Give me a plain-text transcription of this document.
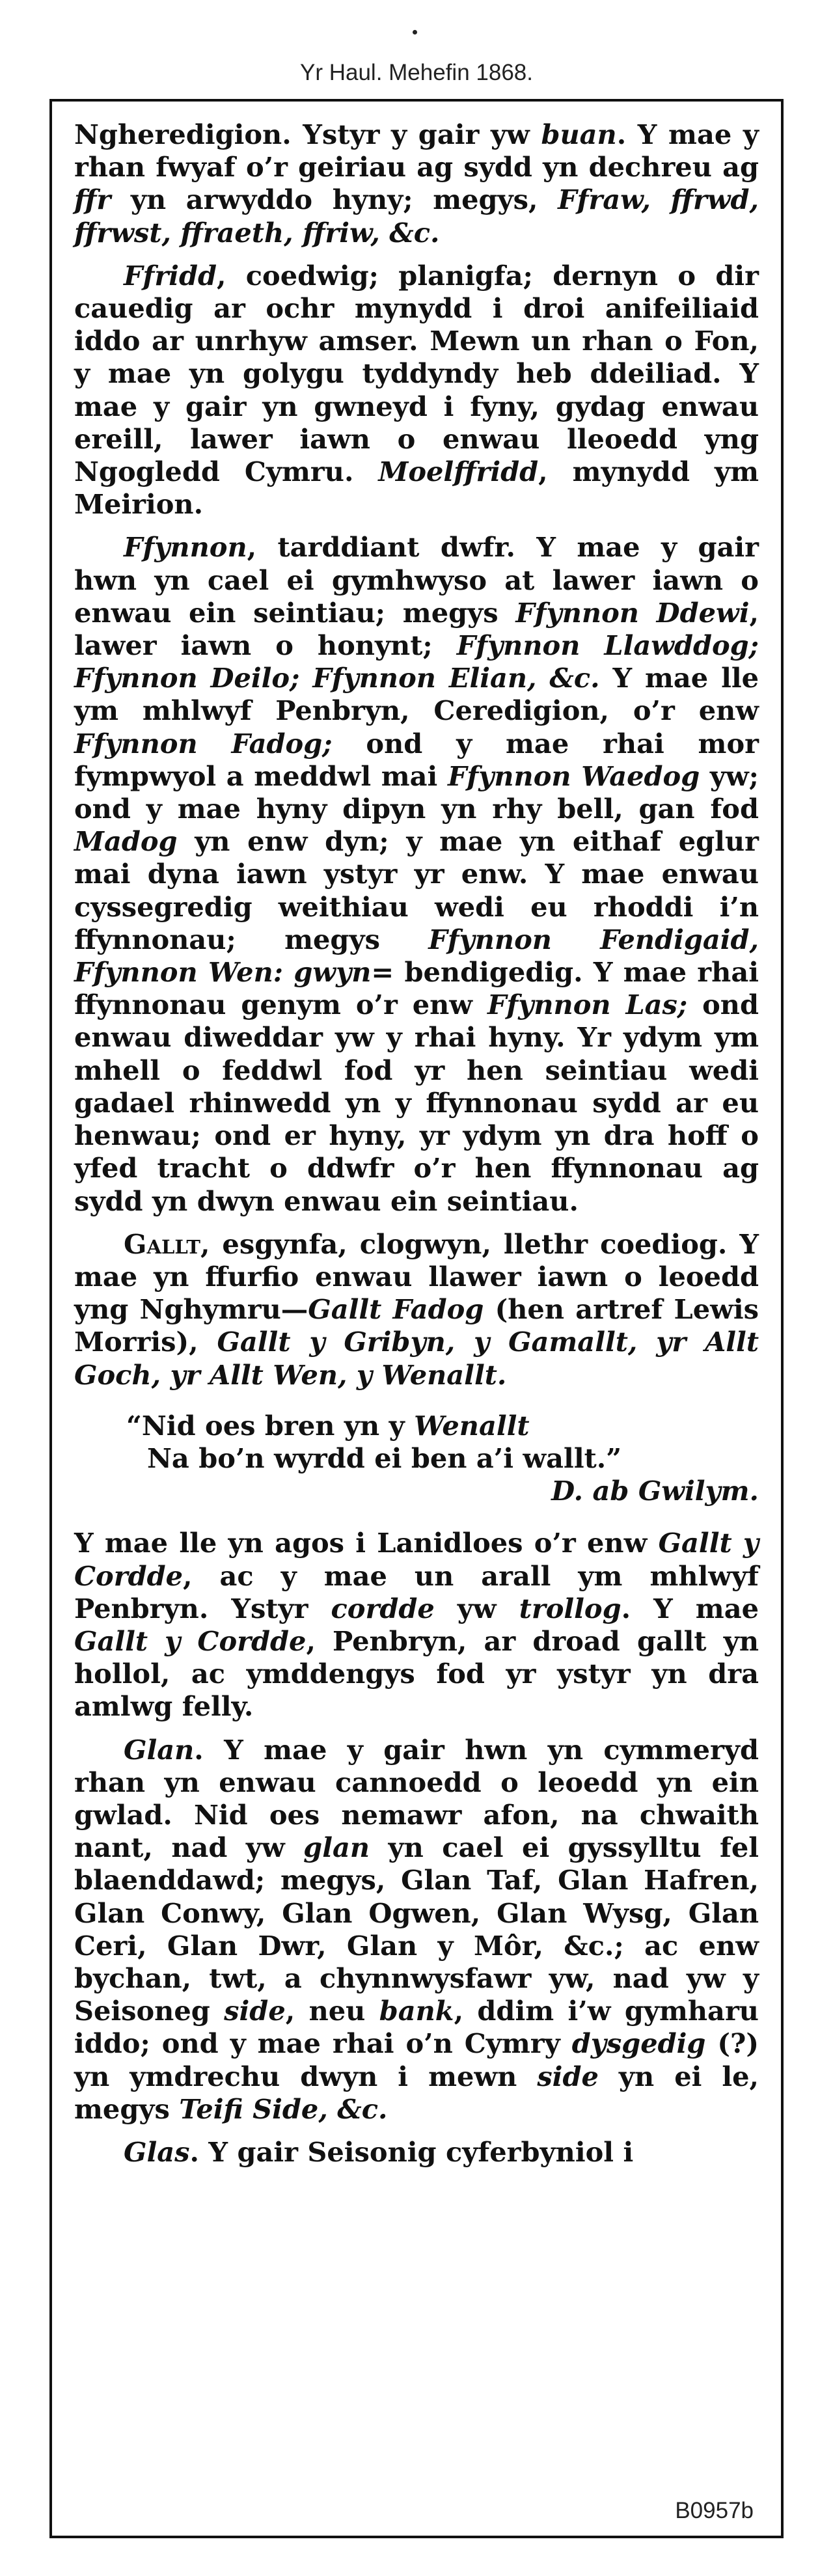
Yr Haul. Mehefin 1868.

Ngheredigion. Ystyr y gair yw buan. Y mae y rhan fwyaf o’r geiriau ag sydd yn dechreu ag ffr yn arwyddo hyny; megys, Ffraw, ffrwd, ffrwst, ffraeth, ffriw, &c.

Ffridd, coedwig; planigfa; dernyn o dir cauedig ar ochr mynydd i droi anifeiliaid iddo ar unrhyw amser. Mewn un rhan o Fon, y mae yn golygu tyddyndy heb ddeiliad. Y mae y gair yn gwneyd i fyny, gydag enwau ereill, lawer iawn o enwau lleoedd yng Ngogledd Cymru. Moelffridd, mynydd ym Meirion.

Ffynnon, tarddiant dwfr. Y mae y gair hwn yn cael ei gymhwyso at lawer iawn o enwau ein seintiau; megys Ffynnon Ddewi, lawer iawn o honynt; Ffynnon Llawddog; Ffynnon Deilo; Ffynnon Elian, &c. Y mae lle ym mhlwyf Penbryn, Ceredigion, o’r enw Ffynnon Fadog; ond y mae rhai mor fympwyol a meddwl mai Ffynnon Waedog yw; ond y mae hyny dipyn yn rhy bell, gan fod Madog yn enw dyn; y mae yn eithaf eglur mai dyna iawn ystyr yr enw. Y mae enwau cyssegredig weithiau wedi eu rhoddi i’n ffynnonau; megys Ffynnon Fendigaid, Ffynnon Wen: gwyn= bendigedig. Y mae rhai ffynnonau genym o’r enw Ffynnon Las; ond enwau diweddar yw y rhai hyny. Yr ydym ym mhell o feddwl fod yr hen seintiau wedi gadael rhinwedd yn y ffynnonau sydd ar eu henwau; ond er hyny, yr ydym yn dra hoff o yfed tracht o ddwfr o’r hen ffynnonau ag sydd yn dwyn enwau ein seintiau.

Gallt, esgynfa, clogwyn, llethr coediog. Y mae yn ffurfio enwau llawer iawn o leoedd yng Nghymru—Gallt Fadog (hen artref Lewis Morris), Gallt y Gribyn, y Gamallt, yr Allt Goch, yr Allt Wen, y Wenallt.

“Nid oes bren yn y Wenallt
Na bo’n wyrdd ei ben a’i wallt.”
D. ab Gwilym.

Y mae lle yn agos i Lanidloes o’r enw Gallt y Cordde, ac y mae un arall ym mhlwyf Penbryn. Ystyr cordde yw trollog. Y mae Gallt y Cordde, Penbryn, ar droad gallt yn hollol, ac ymddengys fod yr ystyr yn dra amlwg felly.

Glan. Y mae y gair hwn yn cymmeryd rhan yn enwau cannoedd o leoedd yn ein gwlad. Nid oes nemawr afon, na chwaith nant, nad yw glan yn cael ei gyssylltu fel blaenddawd; megys, Glan Taf, Glan Hafren, Glan Conwy, Glan Ogwen, Glan Wysg, Glan Ceri, Glan Dwr, Glan y Môr, &c.; ac enw bychan, twt, a chynnwysfawr yw, nad yw y Seisoneg side, neu bank, ddim i’w gymharu iddo; ond y mae rhai o’n Cymry dysgedig (?) yn ymdrechu dwyn i mewn side yn ei le, megys Teifi Side, &c.

Glas. Y gair Seisonig cyferbyniol i

B0957b
